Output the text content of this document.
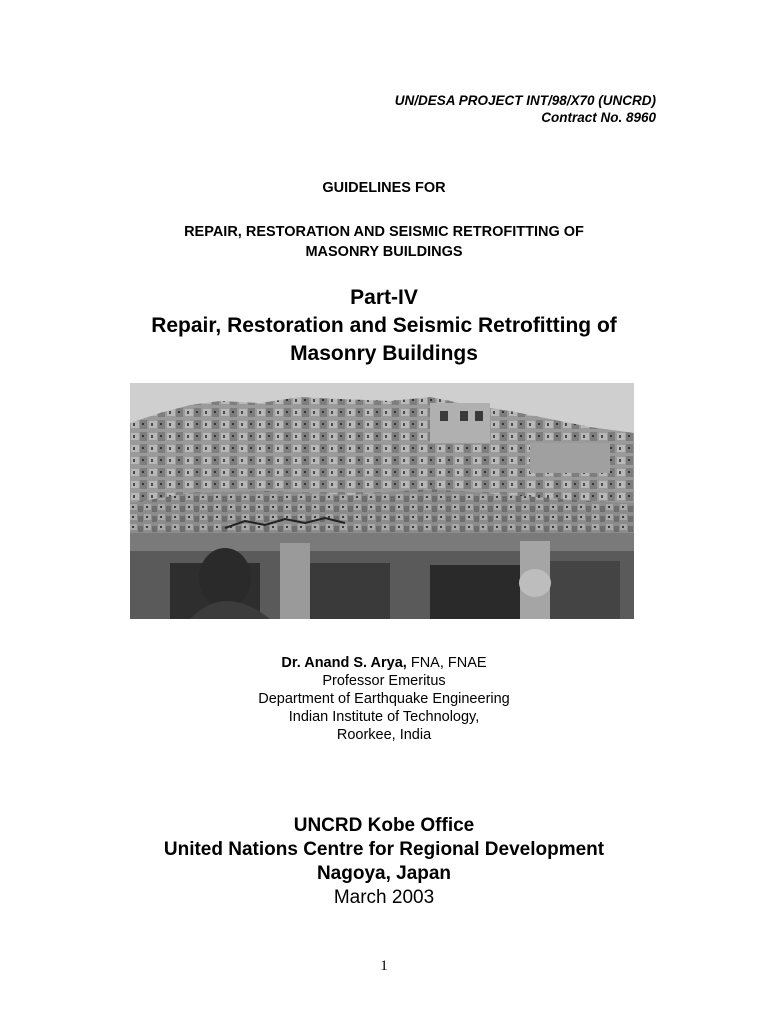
UN/DESA PROJECT INT/98/X70 (UNCRD)
Contract No. 8960
GUIDELINES FOR
REPAIR, RESTORATION AND SEISMIC RETROFITTING OF
MASONRY BUILDINGS
Part-IV
Repair, Restoration and Seismic Retrofitting of
Masonry Buildings
Dr. Anand S. Arya, FNA, FNAE
Professor Emeritus
Department of Earthquake Engineering
Indian Institute of Technology,
Roorkee, India
UNCRD Kobe Office
United Nations Centre for Regional Development
Nagoya, Japan
March 2003
1
